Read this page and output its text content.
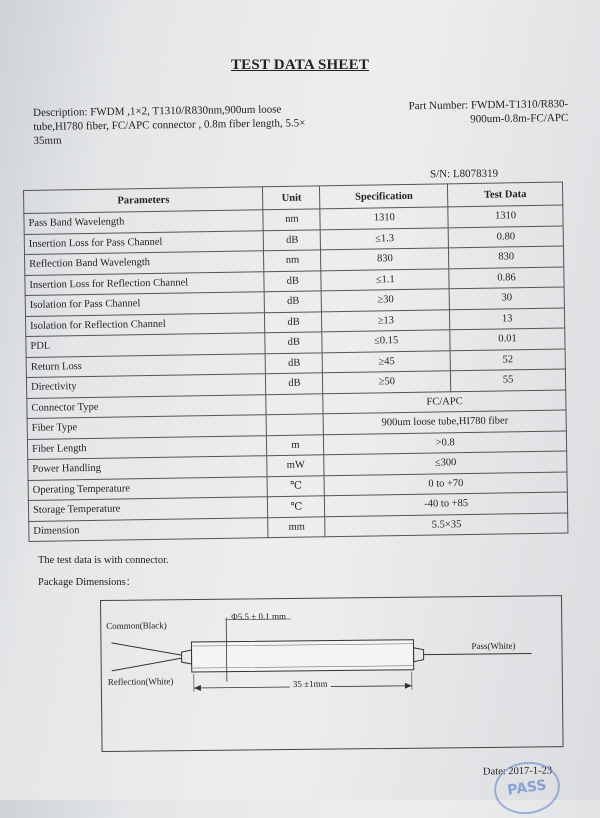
TEST DATA SHEET
Description: FWDM ,1×2, T1310/R830nm,900um loose tube,HI780 fiber, FC/APC connector , 0.8m fiber length, 5.5× 35mm
Part Number: FWDM-T1310/R830-
900um-0.8m-FC/APC
S/N: L8078319
Parameters	Unit	Specification	Test Data
Pass Band Wavelength	nm	1310	1310
Insertion Loss for Pass Channel	dB	≤1.3	0.80
Reflection Band Wavelength	nm	830	830
Insertion Loss for Reflection Channel	dB	≤1.1	0.86
Isolation for Pass Channel	dB	≥30	30
Isolation for Reflection Channel	dB	≥13	13
PDL	dB	≤0.15	0.01
Return Loss	dB	≥45	52
Directivity	dB	≥50	55
Connector Type		FC/APC	
Fiber Type		900um loose tube,HI780 fiber	
Fiber Length	m	>0.8	
Power Handling	mW	≤300	
Operating Temperature	℃	0 to +70	
Storage Temperature	℃	-40 to +85	
Dimension	mm	5.5×35	
The test data is with connector.
Package Dimensions：
Common(Black)
Reflection(White)
Pass(White)
Φ5.5 ± 0.1 mm
35 ±1mm
Date: 2017-1-23
PASS
